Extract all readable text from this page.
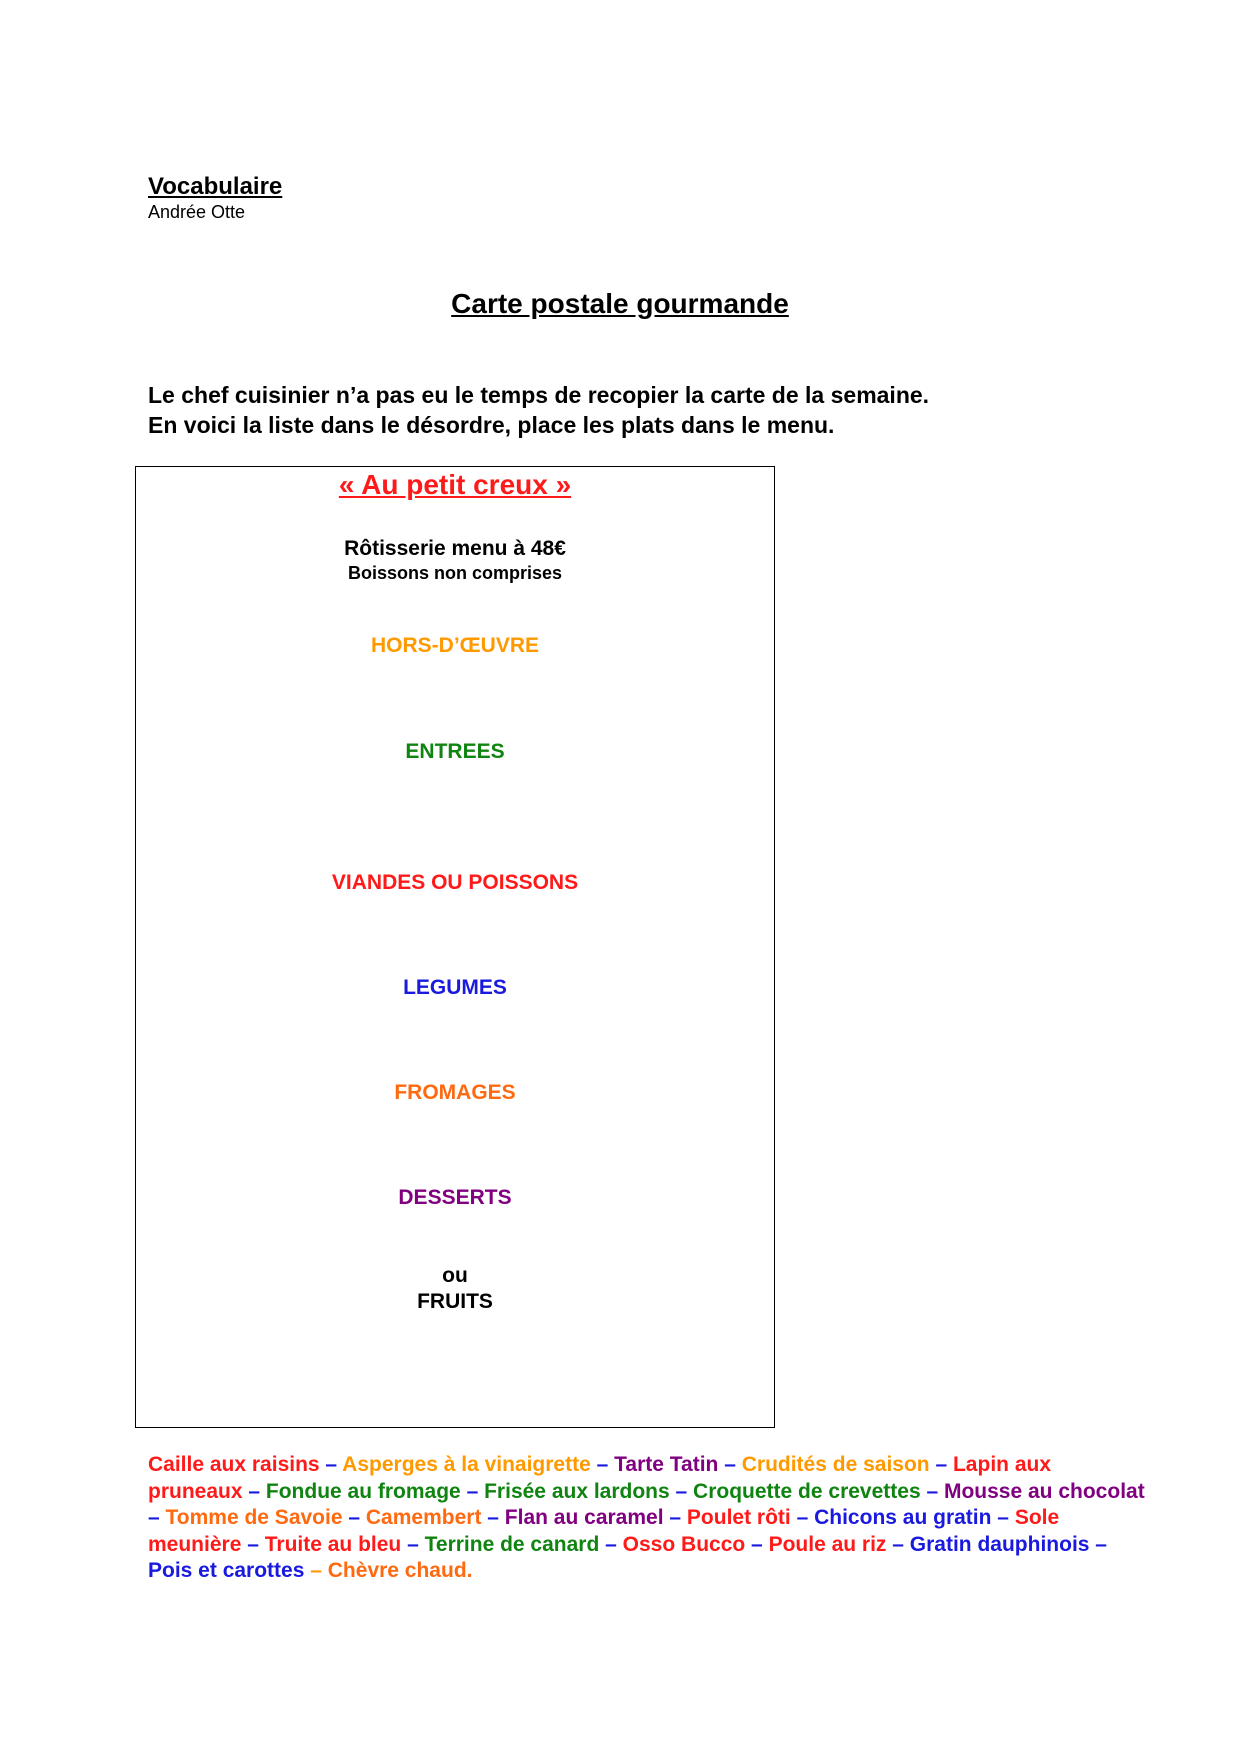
Vocabulaire
Andrée Otte
Carte postale gourmande
Le chef cuisinier n’a pas eu le temps de recopier la carte de la semaine.
En voici la liste dans le désordre, place les plats dans le menu.
« Au petit creux »
Rôtisserie menu à 48€
Boissons non comprises
HORS-D’ŒUVRE
ENTREES
VIANDES OU POISSONS
LEGUMES
FROMAGES
DESSERTS
ou
FRUITS
Caille aux raisins – Asperges à la vinaigrette – Tarte Tatin – Crudités de saison – Lapin aux pruneaux – Fondue au fromage – Frisée aux lardons – Croquette de crevettes – Mousse au chocolat – Tomme de Savoie – Camembert – Flan au caramel – Poulet rôti – Chicons au gratin – Sole meunière – Truite au bleu – Terrine de canard – Osso Bucco – Poule au riz – Gratin dauphinois – Pois et carottes – Chèvre chaud.
